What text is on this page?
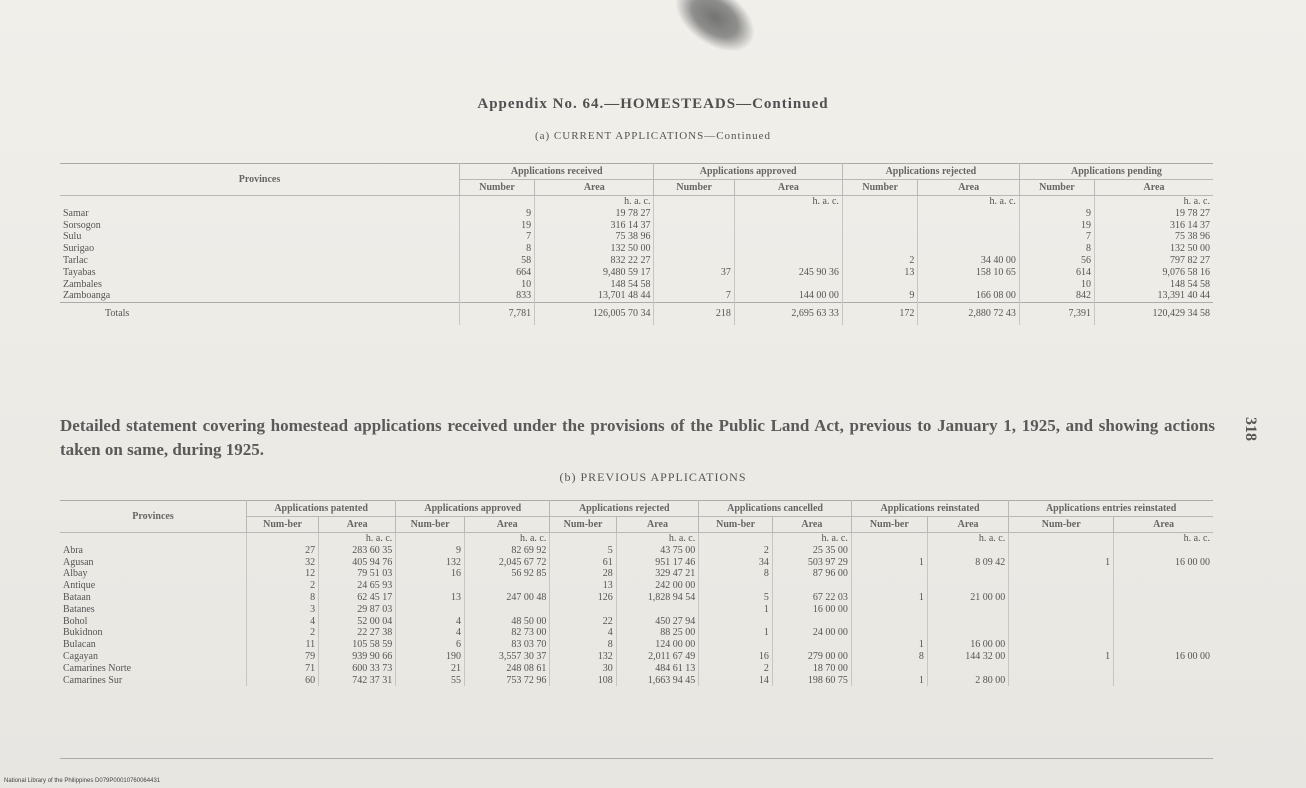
Appendix No. 64.—HOMESTEADS—Continued
(a) CURRENT APPLICATIONS—Continued
Provinces	Applications received		Applications approved		Applications rejected		Applications pending	
	Number	Area	Number	Area	Number	Area	Number	Area
		h. a. c.		h. a. c.		h. a. c.		h. a. c.
Samar	9	19 78 27					9	19 78 27
Sorsogon	19	316 14 37					19	316 14 37
Sulu	7	75 38 96					7	75 38 96
Surigao	8	132 50 00					8	132 50 00
Tarlac	58	832 22 27			2	34 40 00	56	797 82 27
Tayabas	664	9,480 59 17	37	245 90 36	13	158 10 65	614	9,076 58 16
Zambales	10	148 54 58					10	148 54 58
Zamboanga	833	13,701 48 44	7	144 00 00	9	166 08 00	842	13,391 40 44
Totals	7,781	126,005 70 34	218	2,695 63 33	172	2,880 72 43	7,391	120,429 34 58
Detailed statement covering homestead applications received under the provisions of the Public Land Act, previous to January 1, 1925, and showing actions taken on same, during 1925.
(b) PREVIOUS APPLICATIONS
318
Provinces	Applications patented		Applications approved		Applications rejected		Applications cancelled		Applications reinstated		Applications entries reinstated	
	Num-ber	Area	Num-ber	Area	Num-ber	Area	Num-ber	Area	Num-ber	Area	Num-ber	Area
		h. a. c.		h. a. c.		h. a. c.		h. a. c.		h. a. c.		h. a. c.
Abra	27	283 60 35	9	82 69 92	5	43 75 00	2	25 35 00				
Agusan	32	405 94 76	132	2,045 67 72	61	951 17 46	34	503 97 29	1	8 09 42	1	16 00 00
Albay	12	79 51 03	16	56 92 85	28	329 47 21	8	87 96 00				
Antique	2	24 65 93			13	242 00 00						
Bataan	8	62 45 17	13	247 00 48	126	1,828 94 54	5	67 22 03	1	21 00 00		
Batanes	3	29 87 03					1	16 00 00				
Bohol	4	52 00 04	4	48 50 00	22	450 27 94						
Bukidnon	2	22 27 38	4	82 73 00	4	88 25 00	1	24 00 00				
Bulacan	11	105 58 59	6	83 03 70	8	124 00 00			1	16 00 00		
Cagayan	79	939 90 66	190	3,557 30 37	132	2,011 67 49	16	279 00 00	8	144 32 00	1	16 00 00
Camarines Norte	71	600 33 73	21	248 08 61	30	484 61 13	2	18 70 00				
Camarines Sur	60	742 37 31	55	753 72 96	108	1,663 94 45	14	198 60 75	1	2 80 00		
National Library of the Philippines D079P00010760064431
